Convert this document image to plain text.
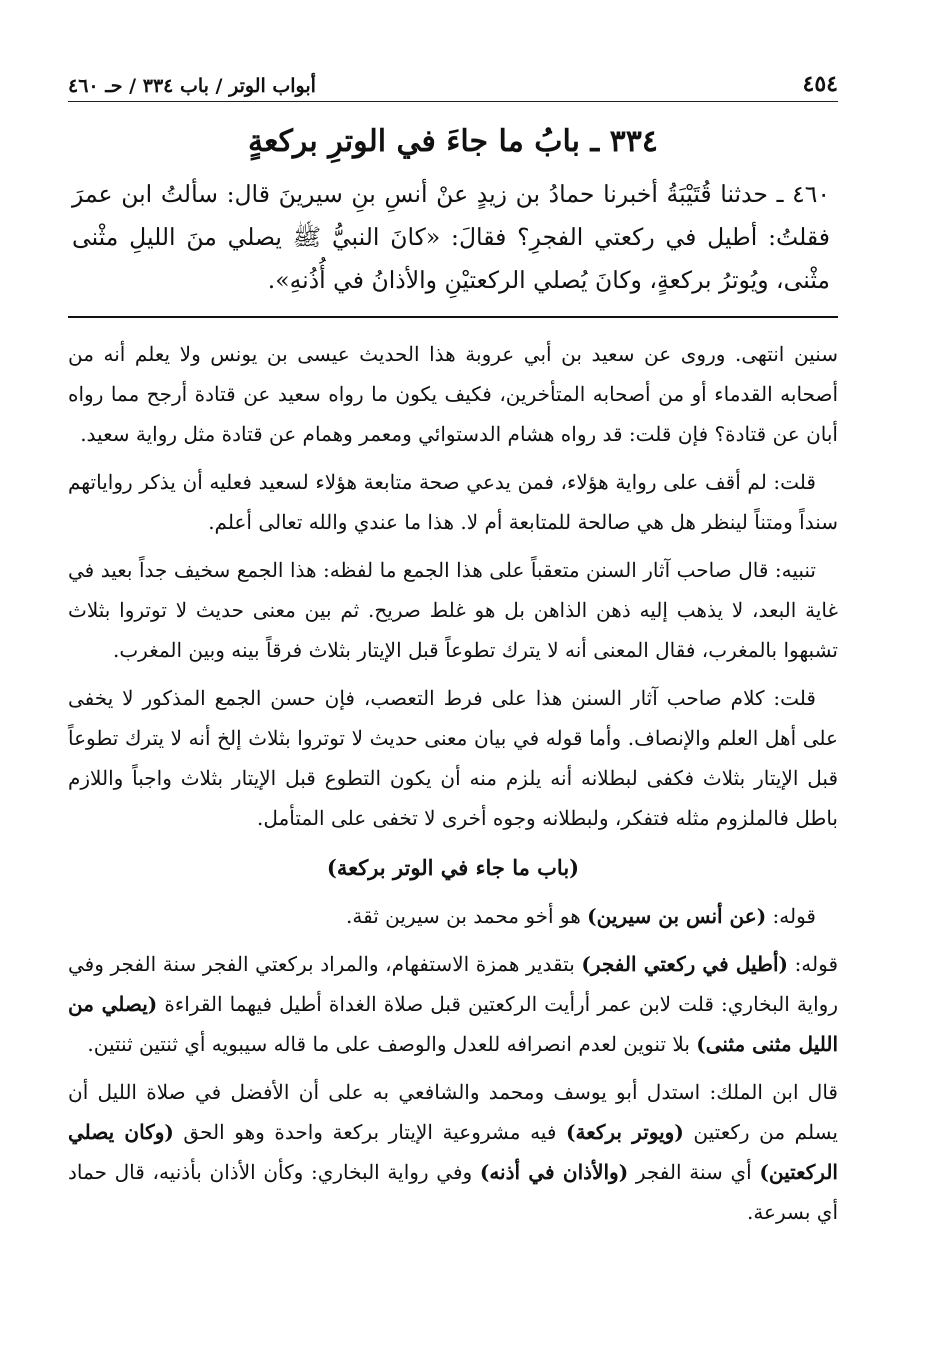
٤٥٤
أبواب الوتر / باب ٣٣٤ / حـ ٤٦٠
٣٣٤ ـ بابُ ما جاءَ في الوترِ بركعةٍ
٤٦٠ ـ حدثنا قُتَيْبَةُ أخبرنا حمادُ بن زيدٍ عنْ أنسِ بنِ سيرينَ قال: سألتُ ابن عمرَ فقلتُ: أطيل في ركعتي الفجرِ؟ فقالَ: «كانَ النبيُّ ﷺ يصلي منَ الليلِ مثْنى مثْنى، ويُوترُ بركعةٍ، وكانَ يُصلي الركعتيْنِ والأذانُ في أُذُنهِ».

سنين انتهى. وروى عن سعيد بن أبي عروبة هذا الحديث عيسى بن يونس ولا يعلم أنه من أصحابه القدماء أو من أصحابه المتأخرين، فكيف يكون ما رواه سعيد عن قتادة أرجح مما رواه أبان عن قتادة؟ فإن قلت: قد رواه هشام الدستوائي ومعمر وهمام عن قتادة مثل رواية سعيد.

قلت: لم أقف على رواية هؤلاء، فمن يدعي صحة متابعة هؤلاء لسعيد فعليه أن يذكر رواياتهم سنداً ومتناً لينظر هل هي صالحة للمتابعة أم لا. هذا ما عندي والله تعالى أعلم.

تنبيه: قال صاحب آثار السنن متعقباً على هذا الجمع ما لفظه: هذا الجمع سخيف جداً بعيد في غاية البعد، لا يذهب إليه ذهن الذاهن بل هو غلط صريح. ثم بين معنى حديث لا توتروا بثلاث تشبهوا بالمغرب، فقال المعنى أنه لا يترك تطوعاً قبل الإيتار بثلاث فرقاً بينه وبين المغرب.

قلت: كلام صاحب آثار السنن هذا على فرط التعصب، فإن حسن الجمع المذكور لا يخفى على أهل العلم والإنصاف. وأما قوله في بيان معنى حديث لا توتروا بثلاث إلخ أنه لا يترك تطوعاً قبل الإيتار بثلاث فكفى لبطلانه أنه يلزم منه أن يكون التطوع قبل الإيتار بثلاث واجباً واللازم باطل فالملزوم مثله فتفكر، ولبطلانه وجوه أخرى لا تخفى على المتأمل.

(باب ما جاء في الوتر بركعة)

قوله: (عن أنس بن سيرين) هو أخو محمد بن سيرين ثقة.

قوله: (أطيل في ركعتي الفجر) بتقدير همزة الاستفهام، والمراد بركعتي الفجر سنة الفجر وفي رواية البخاري: قلت لابن عمر أرأيت الركعتين قبل صلاة الغداة أطيل فيهما القراءة (يصلي من الليل مثنى مثنى) بلا تنوين لعدم انصرافه للعدل والوصف على ما قاله سيبويه أي ثنتين ثنتين.

قال ابن الملك: استدل أبو يوسف ومحمد والشافعي به على أن الأفضل في صلاة الليل أن يسلم من ركعتين (ويوتر بركعة) فيه مشروعية الإيتار بركعة واحدة وهو الحق (وكان يصلي الركعتين) أي سنة الفجر (والأذان في أذنه) وفي رواية البخاري: وكأن الأذان بأذنيه، قال حماد أي بسرعة.
